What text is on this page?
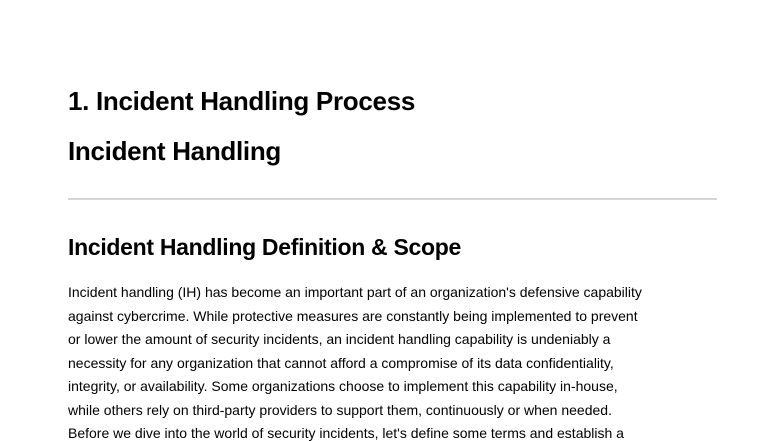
1. Incident Handling Process
Incident Handling
Incident Handling Definition & Scope

Incident handling (IH) has become an important part of an organization's defensive capability
against cybercrime. While protective measures are constantly being implemented to prevent
or lower the amount of security incidents, an incident handling capability is undeniably a
necessity for any organization that cannot afford a compromise of its data confidentiality,
integrity, or availability. Some organizations choose to implement this capability in-house,
while others rely on third-party providers to support them, continuously or when needed.
Before we dive into the world of security incidents, let's define some terms and establish a
